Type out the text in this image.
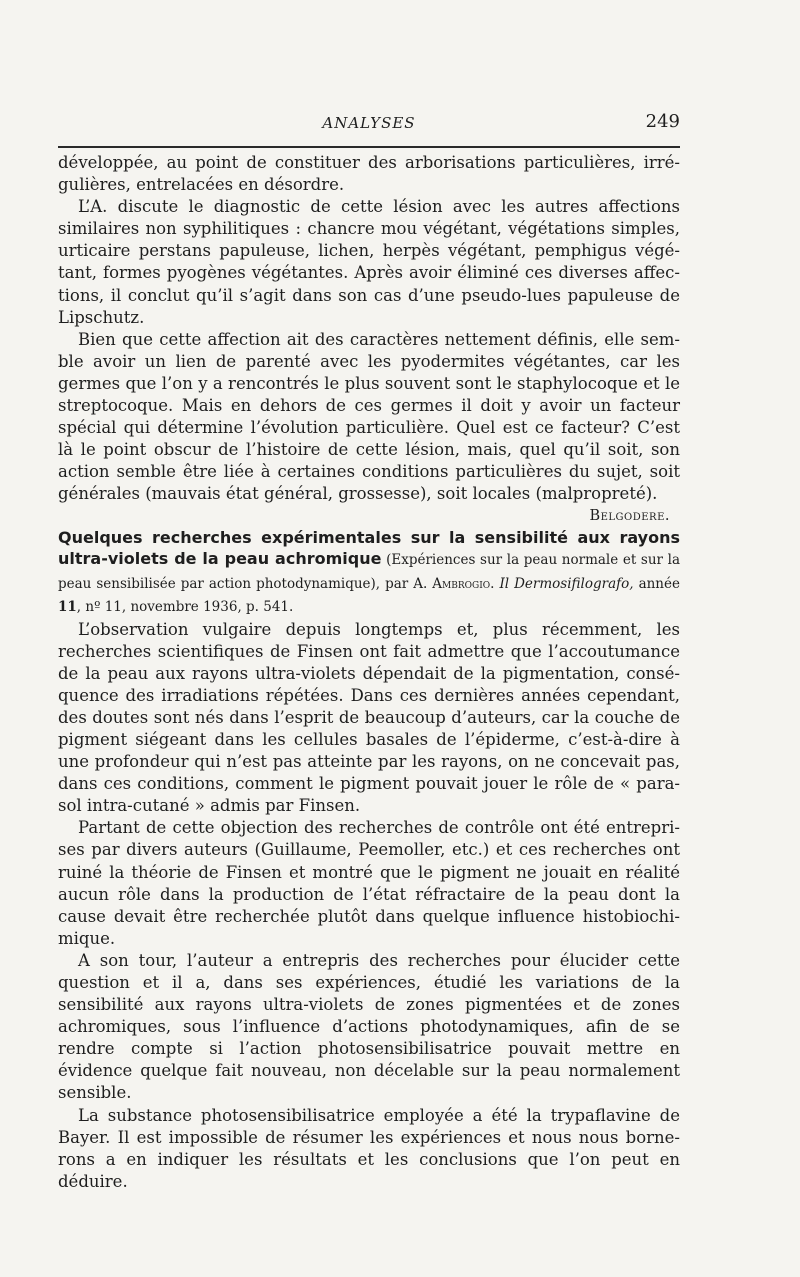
ANALYSES	249

développée, au point de constituer des arborisations particulières, irrégulières, entrelacées en désordre.

L’A. discute le diagnostic de cette lésion avec les autres affections similaires non syphilitiques : chancre mou végétant, végétations simples, urticaire perstans papuleuse, lichen, herpès végétant, pemphigus végétant, formes pyogènes végétantes. Après avoir éliminé ces diverses affections, il conclut qu’il s’agit dans son cas d’une pseudo-lues papuleuse de Lipschutz.

Bien que cette affection ait des caractères nettement définis, elle semble avoir un lien de parenté avec les pyodermites végétantes, car les germes que l’on y a rencontrés le plus souvent sont le staphylocoque et le streptocoque. Mais en dehors de ces germes il doit y avoir un facteur spécial qui détermine l’évolution particulière. Quel est ce facteur? C’est là le point obscur de l’histoire de cette lésion, mais, quel qu’il soit, son action semble être liée à certaines conditions particulières du sujet, soit générales (mauvais état général, grossesse), soit locales (malpropreté).

Belgodere.

Quelques recherches expérimentales sur la sensibilité aux rayons ultra-violets de la peau achromique (Expériences sur la peau normale et sur la peau sensibilisée par action photodynamique), par A. Ambrogio. Il Dermosifilografo, année 11, nº 11, novembre 1936, p. 541.

L’observation vulgaire depuis longtemps et, plus récemment, les recherches scientifiques de Finsen ont fait admettre que l’accoutumance de la peau aux rayons ultra-violets dépendait de la pigmentation, conséquence des irradiations répétées. Dans ces dernières années cependant, des doutes sont nés dans l’esprit de beaucoup d’auteurs, car la couche de pigment siégeant dans les cellules basales de l’épiderme, c’est-à-dire à une profondeur qui n’est pas atteinte par les rayons, on ne concevait pas, dans ces conditions, comment le pigment pouvait jouer le rôle de « parasol intra-cutané » admis par Finsen.

Partant de cette objection des recherches de contrôle ont été entreprises par divers auteurs (Guillaume, Peemoller, etc.) et ces recherches ont ruiné la théorie de Finsen et montré que le pigment ne jouait en réalité aucun rôle dans la production de l’état réfractaire de la peau dont la cause devait être recherchée plutôt dans quelque influence histobiochimique.

A son tour, l’auteur a entrepris des recherches pour élucider cette question et il a, dans ses expériences, étudié les variations de la sensibilité aux rayons ultra-violets de zones pigmentées et de zones achromiques, sous l’influence d’actions photodynamiques, afin de se rendre compte si l’action photosensibilisatrice pouvait mettre en évidence quelque fait nouveau, non décelable sur la peau normalement sensible.

La substance photosensibilisatrice employée a été la trypaflavine de Bayer. Il est impossible de résumer les expériences et nous nous bornerons a en indiquer les résultats et les conclusions que l’on peut en déduire.
